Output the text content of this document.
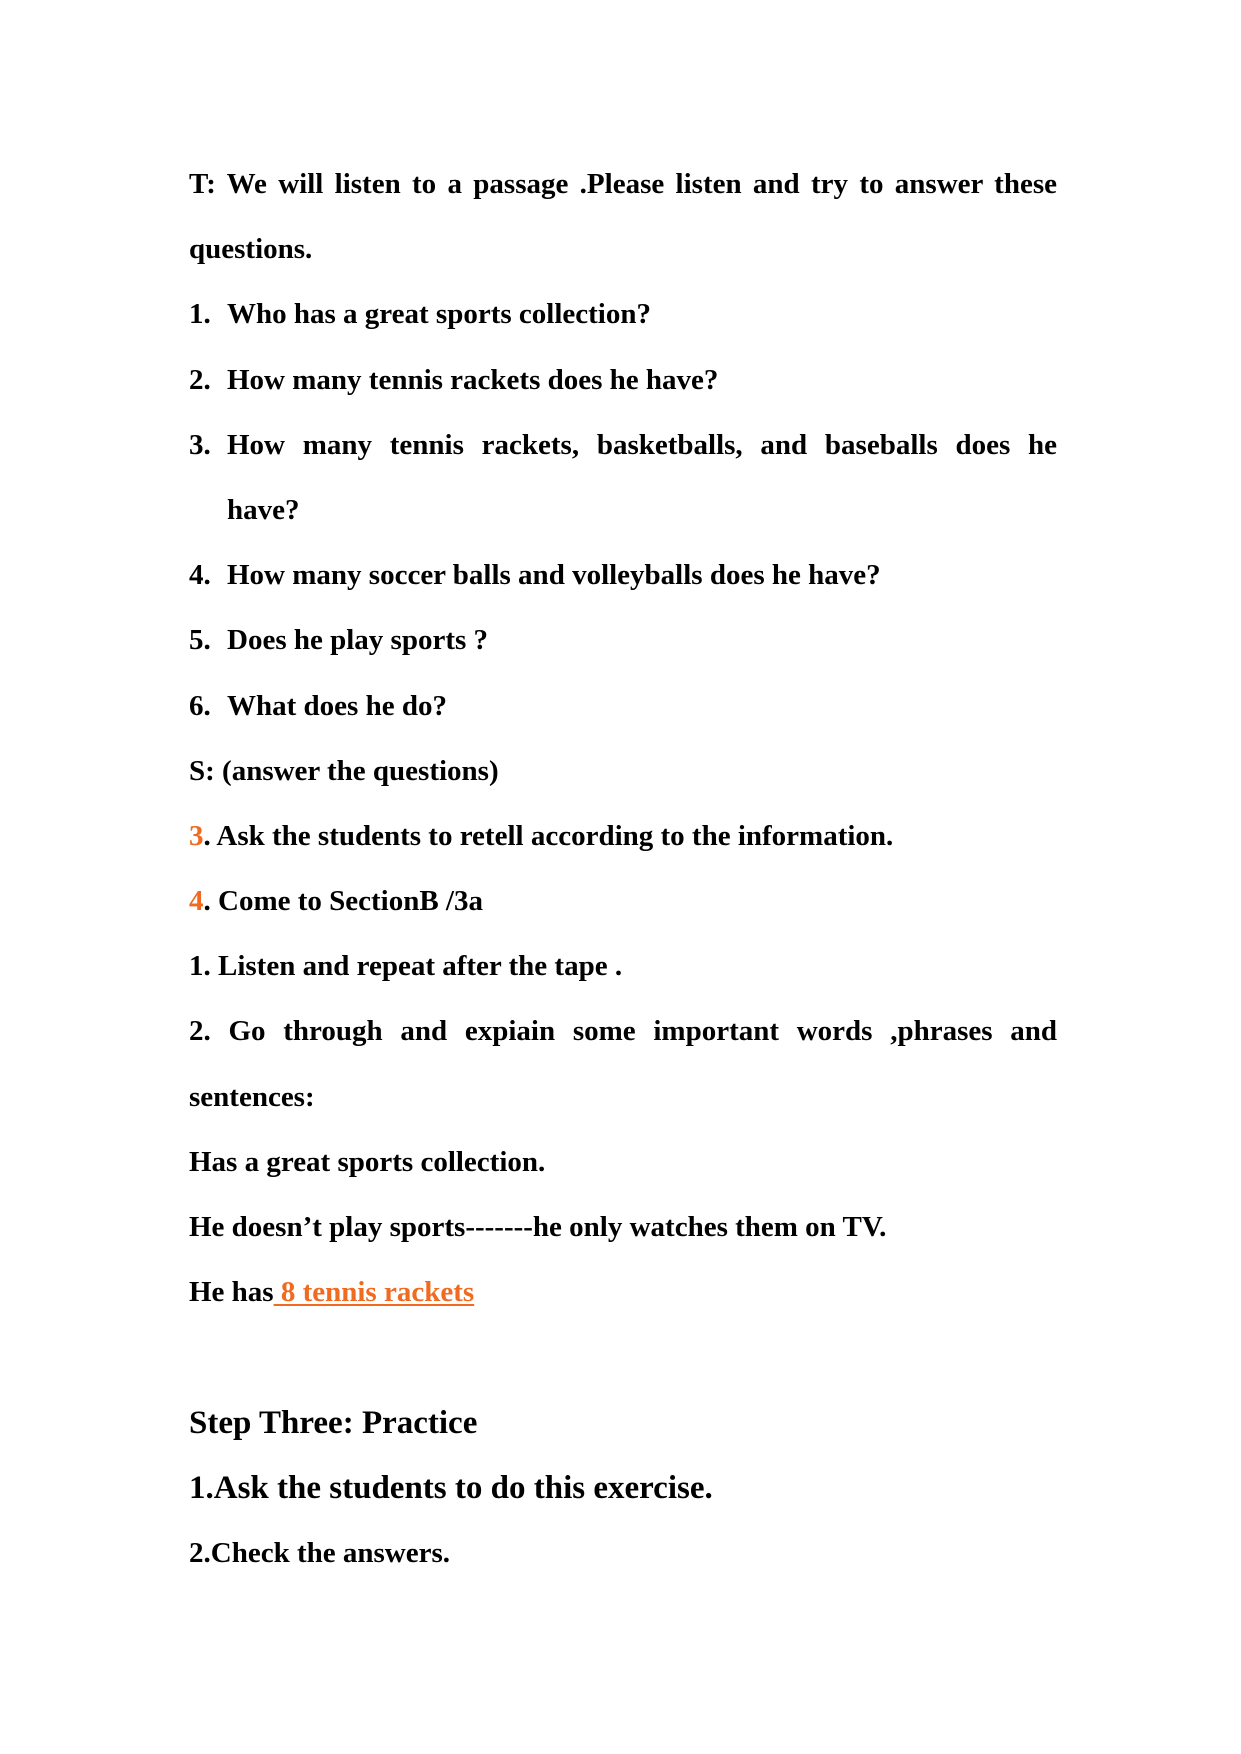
T: We will listen to a passage .Please listen and try to answer these
questions.
1. Who has a great sports collection?
2. How many tennis rackets does he have?
3. How many tennis rackets, basketballs, and baseballs does he
have?
4. How many soccer balls and volleyballs does he have?
5. Does he play sports ?
6. What does he do?
S: (answer the questions)
3. Ask the students to retell according to the information.
4. Come to SectionB /3a
1. Listen and repeat after the tape .
2. Go through and expiain some important words ,phrases and
sentences:
Has a great sports collection.
He doesn’t play sports-------he only watches them on TV.
He has 8 tennis rackets
Step Three: Practice
1.Ask the students to do this exercise.
2.Check the answers.
